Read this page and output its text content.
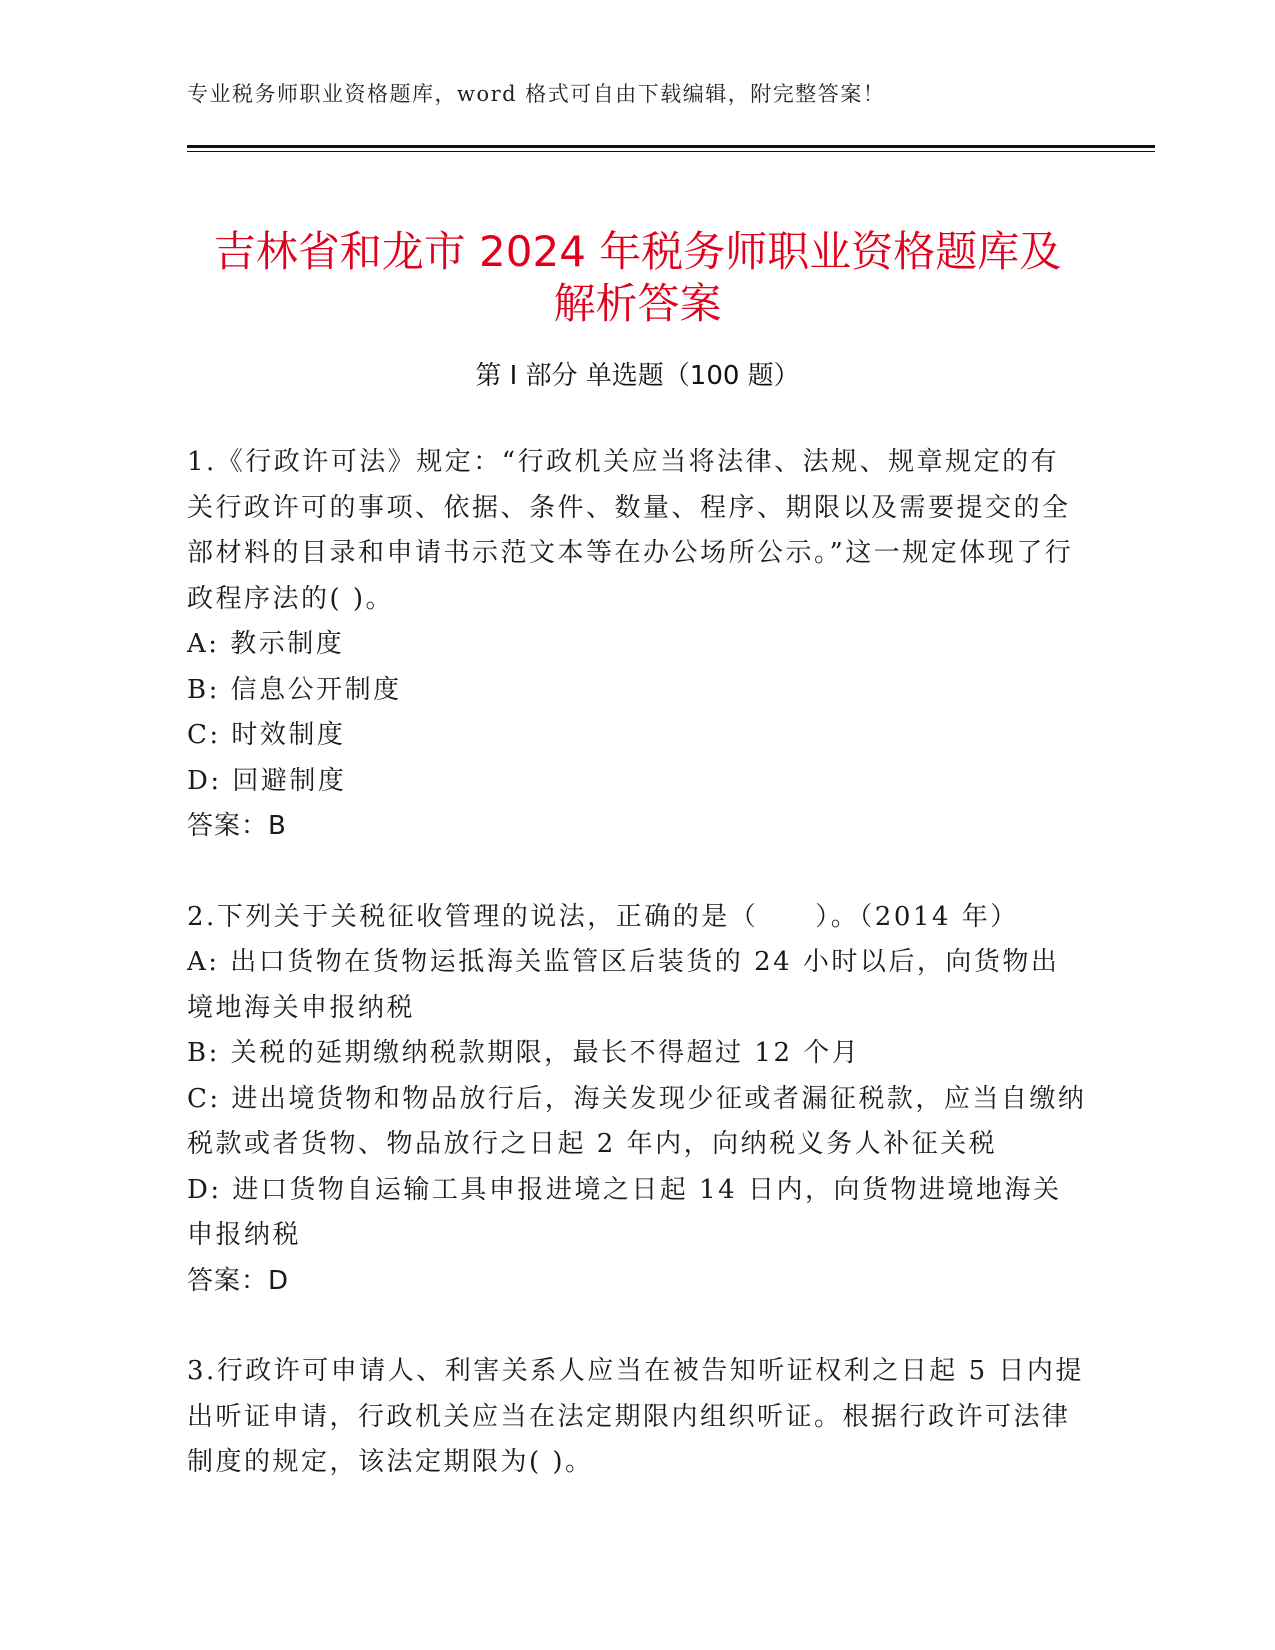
专业税务师职业资格题库，word 格式可自由下载编辑，附完整答案！
吉林省和龙市 2024 年税务师职业资格题库及
解析答案
第 I 部分 单选题（100 题）

1.《行政许可法》规定：“行政机关应当将法律、法规、规章规定的有关行政许可的事项、依据、条件、数量、程序、期限以及需要提交的全部材料的目录和申请书示范文本等在办公场所公示。”这一规定体现了行政程序法的( )。

A: 教示制度

B: 信息公开制度

C: 时效制度

D: 回避制度

答案：B

2.下列关于关税征收管理的说法，正确的是（　　）。（2014 年）

A: 出口货物在货物运抵海关监管区后装货的 24 小时以后，向货物出境地海关申报纳税

B: 关税的延期缴纳税款期限，最长不得超过 12 个月

C: 进出境货物和物品放行后，海关发现少征或者漏征税款，应当自缴纳税款或者货物、物品放行之日起 2 年内，向纳税义务人补征关税

D: 进口货物自运输工具申报进境之日起 14 日内，向货物进境地海关申报纳税

答案：D

3.行政许可申请人、利害关系人应当在被告知听证权利之日起 5 日内提出听证申请，行政机关应当在法定期限内组织听证。根据行政许可法律制度的规定，该法定期限为( )。
